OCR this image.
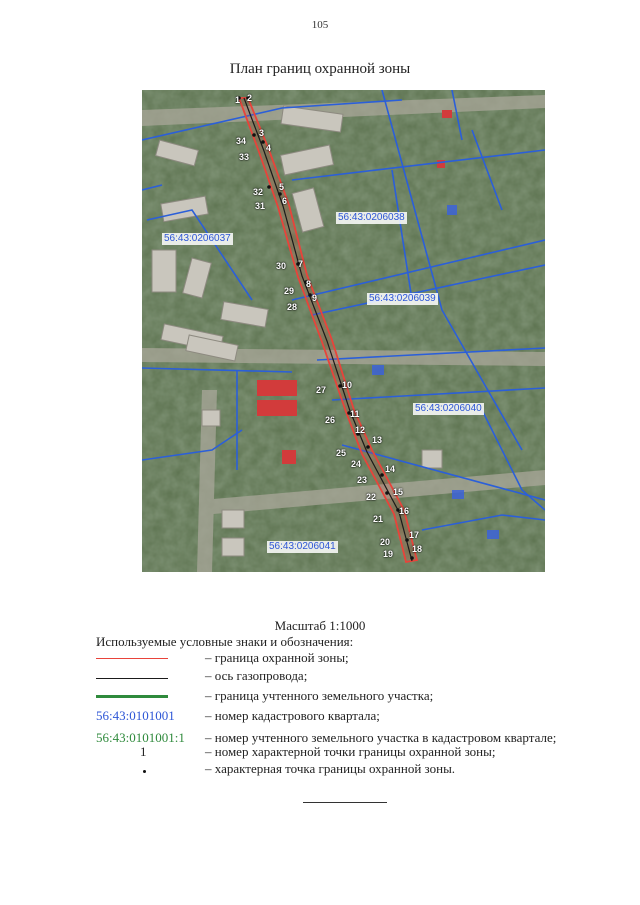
105
План границ охранной зоны
56:43:0206037
56:43:0206038
56:43:0206039
56:43:0206040
56:43:0206041
1 2
3
4
5
6
7
8
9
10
11
12
13
14
15
16
17
18
19
20
21
22
23
24
25
26
27
28
29
30
31
32
33
34
Масштаб 1:1000
Используемые условные знаки и обозначения:
– граница охранной зоны;
– ось газопровода;
– граница учтенного земельного участка;
56:43:0101001 – номер кадастрового квартала;
56:43:0101001:1 – номер учтенного земельного участка в кадастровом квартале;
1	– номер характерной точки границы охранной зоны;
– характерная точка границы охранной зоны.
